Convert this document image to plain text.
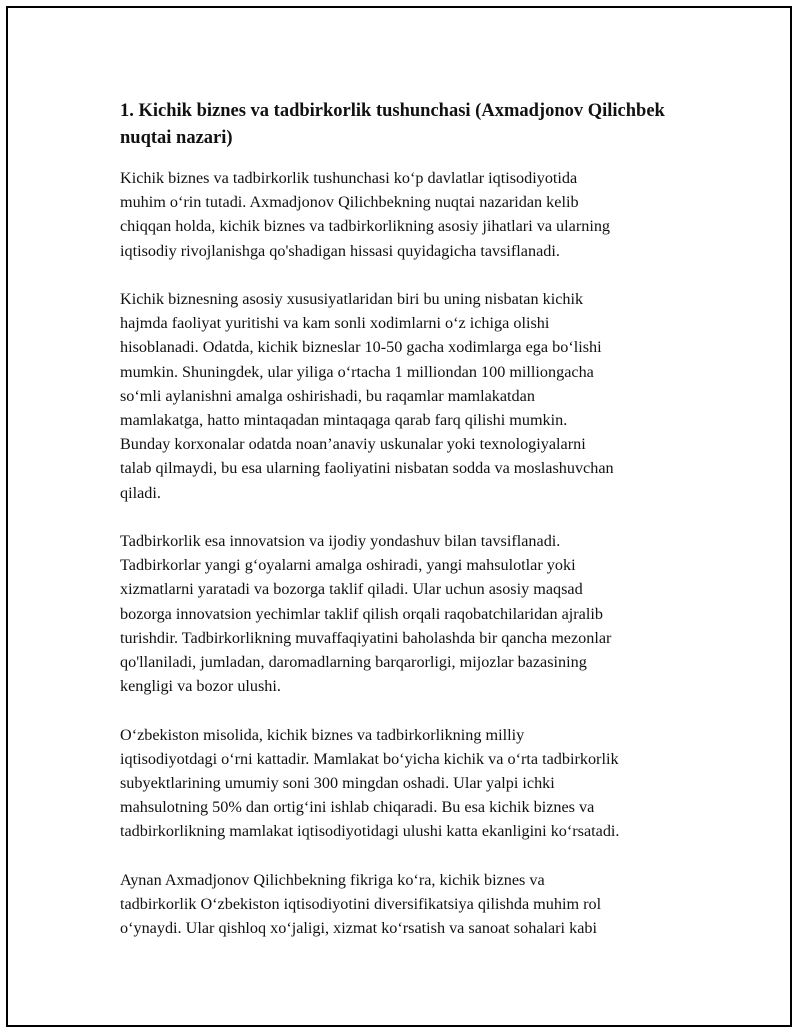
1. Kichik biznes va tadbirkorlik tushunchasi (Axmadjonov Qilichbek nuqtai nazari)

Kichik biznes va tadbirkorlik tushunchasi ko‘p davlatlar iqtisodiyotida
muhim o‘rin tutadi. Axmadjonov Qilichbekning nuqtai nazaridan kelib
chiqqan holda, kichik biznes va tadbirkorlikning asosiy jihatlari va ularning
iqtisodiy rivojlanishga qo'shadigan hissasi quyidagicha tavsiflanadi.

Kichik biznesning asosiy xususiyatlaridan biri bu uning nisbatan kichik
hajmda faoliyat yuritishi va kam sonli xodimlarni o‘z ichiga olishi
hisoblanadi. Odatda, kichik bizneslar 10-50 gacha xodimlarga ega bo‘lishi
mumkin. Shuningdek, ular yiliga o‘rtacha 1 milliondan 100 milliongacha
so‘mli aylanishni amalga oshirishadi, bu raqamlar mamlakatdan
mamlakatga, hatto mintaqadan mintaqaga qarab farq qilishi mumkin.
Bunday korxonalar odatda noan’anaviy uskunalar yoki texnologiyalarni
talab qilmaydi, bu esa ularning faoliyatini nisbatan sodda va moslashuvchan
qiladi.

Tadbirkorlik esa innovatsion va ijodiy yondashuv bilan tavsiflanadi.
Tadbirkorlar yangi g‘oyalarni amalga oshiradi, yangi mahsulotlar yoki
xizmatlarni yaratadi va bozorga taklif qiladi. Ular uchun asosiy maqsad
bozorga innovatsion yechimlar taklif qilish orqali raqobatchilaridan ajralib
turishdir. Tadbirkorlikning muvaffaqiyatini baholashda bir qancha mezonlar
qo'llaniladi, jumladan, daromadlarning barqarorligi, mijozlar bazasining
kengligi va bozor ulushi.

O‘zbekiston misolida, kichik biznes va tadbirkorlikning milliy
iqtisodiyotdagi o‘rni kattadir. Mamlakat bo‘yicha kichik va o‘rta tadbirkorlik
subyektlarining umumiy soni 300 mingdan oshadi. Ular yalpi ichki
mahsulotning 50% dan ortig‘ini ishlab chiqaradi. Bu esa kichik biznes va
tadbirkorlikning mamlakat iqtisodiyotidagi ulushi katta ekanligini ko‘rsatadi.

Aynan Axmadjonov Qilichbekning fikriga ko‘ra, kichik biznes va
tadbirkorlik O‘zbekiston iqtisodiyotini diversifikatsiya qilishda muhim rol
o‘ynaydi. Ular qishloq xo‘jaligi, xizmat ko‘rsatish va sanoat sohalari kabi
